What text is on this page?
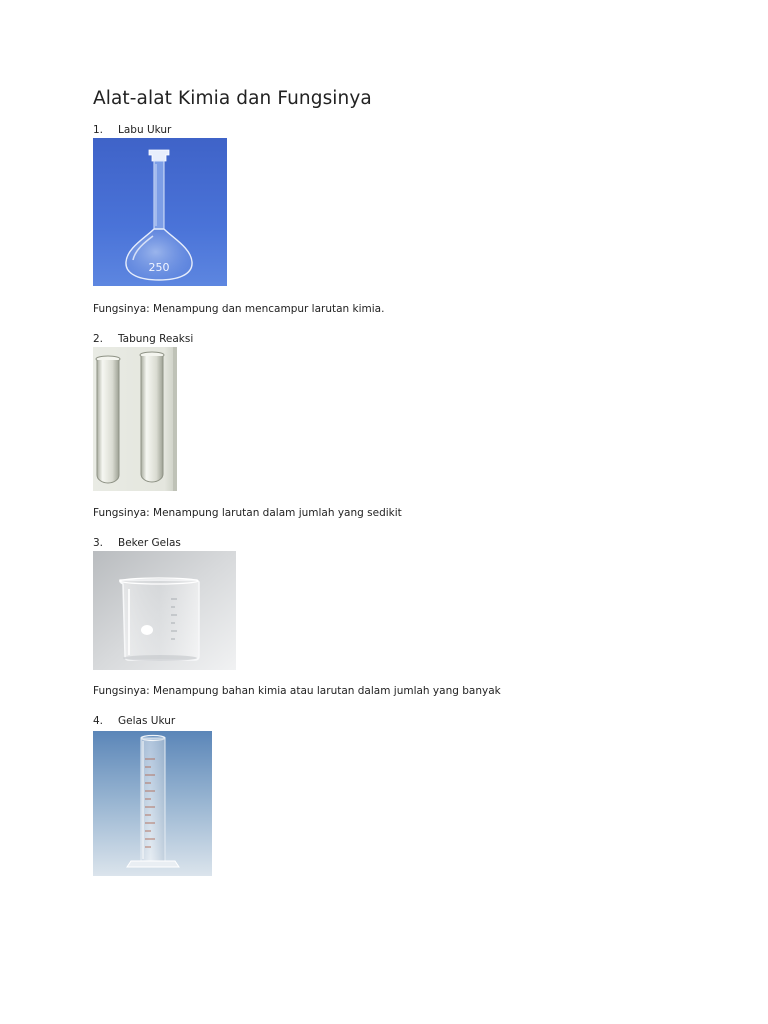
Alat-alat Kimia dan Fungsinya
1. Labu Ukur
250
Fungsinya: Menampung dan mencampur larutan kimia.
2. Tabung Reaksi
Fungsinya: Menampung larutan dalam jumlah yang sedikit
3. Beker Gelas
Fungsinya: Menampung bahan kimia atau larutan dalam jumlah yang banyak
4. Gelas Ukur
